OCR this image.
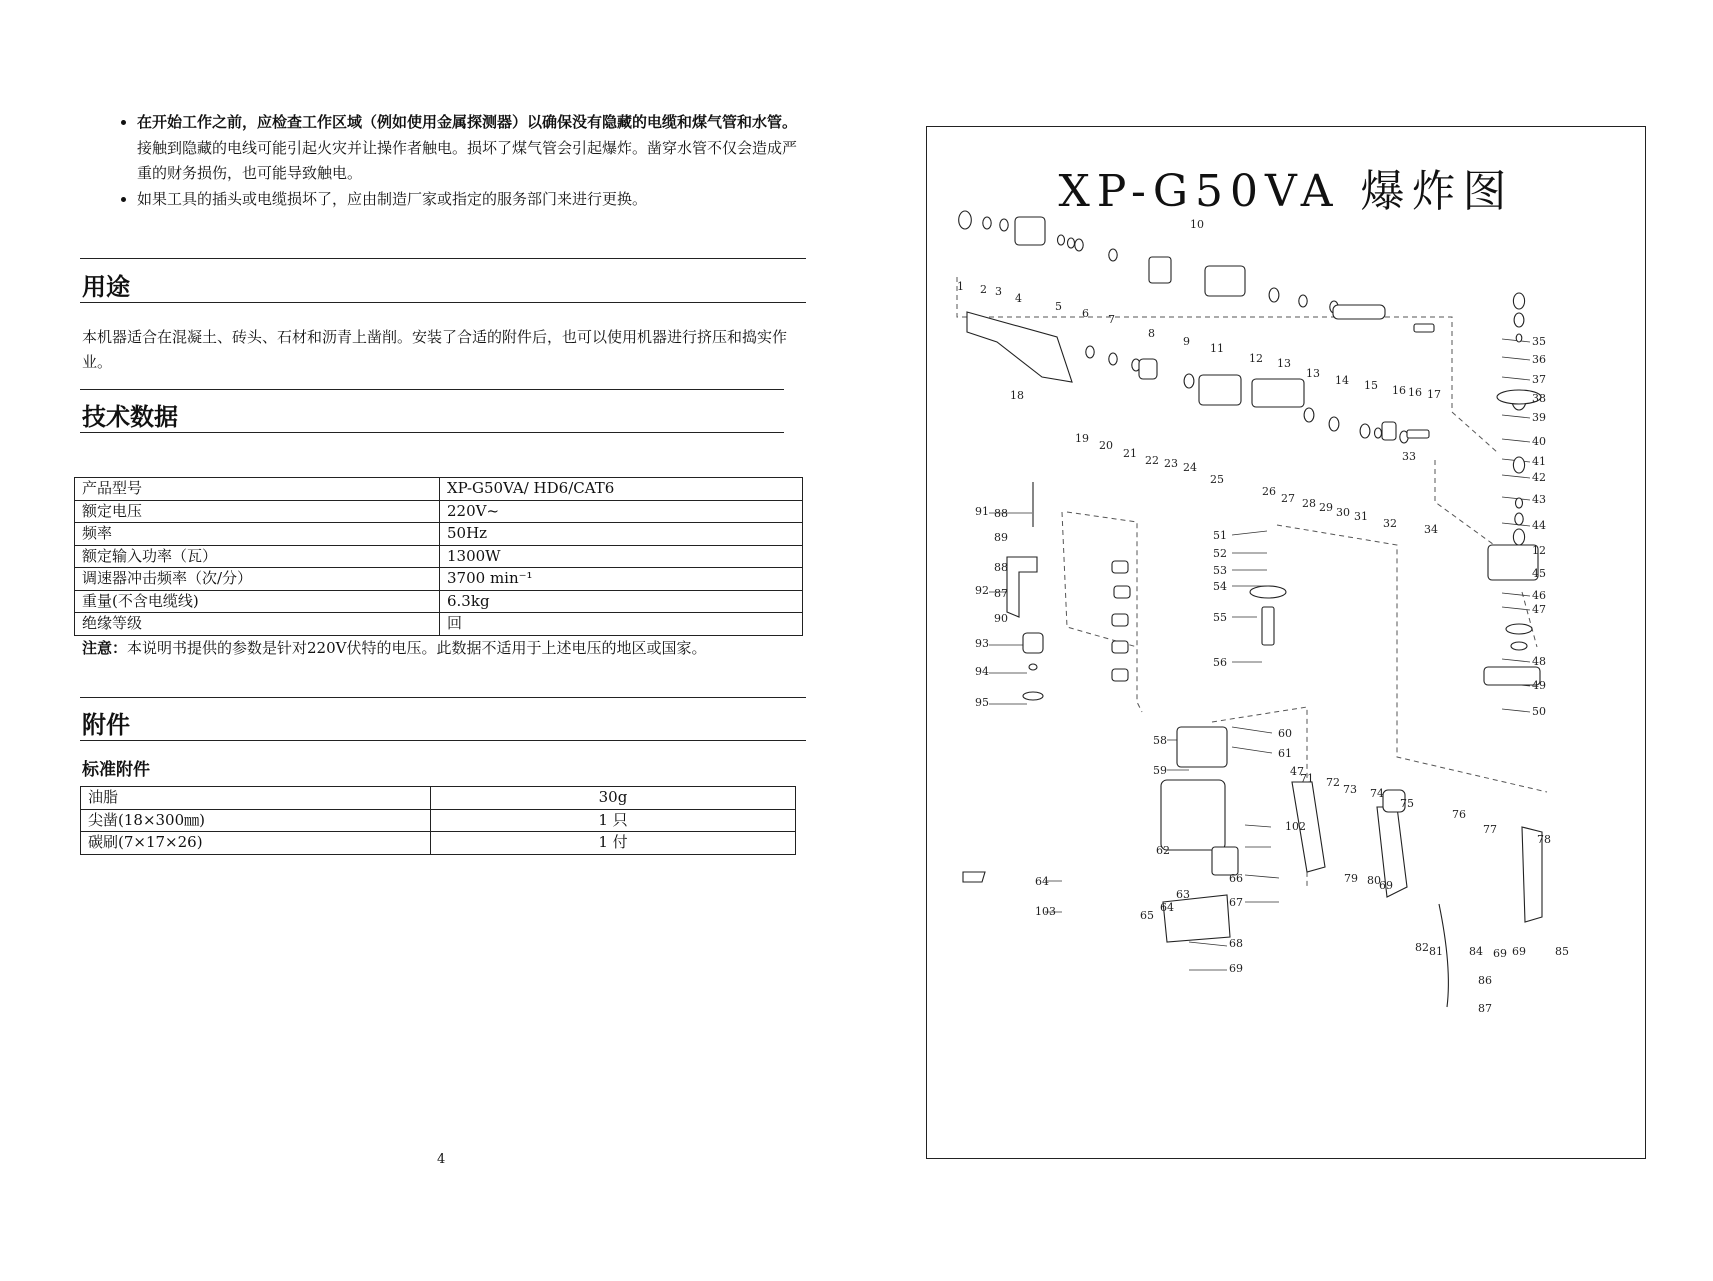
• 在开始工作之前，应检查工作区域（例如使用金属探测器）以确保没有隐藏的电缆和煤气管和水管。接触到隐藏的电线可能引起火灾并让操作者触电。损坏了煤气管会引起爆炸。凿穿水管不仅会造成严重的财务损伤，也可能导致触电。
• 如果工具的插头或电缆损坏了，应由制造厂家或指定的服务部门来进行更换。
用途

本机器适合在混凝土、砖头、石材和沥青上凿削。安装了合适的附件后，也可以使用机器进行挤压和捣实作业。

技术数据
产品型号	XP-G50VA/ HD6/CAT6
额定电压	220V~
频率	50Hz
额定输入功率（瓦）	1300W
调速器冲击频率（次/分）	3700 min⁻¹
重量(不含电缆线)	6.3kg
绝缘等级	回
注意：本说明书提供的参数是针对220V伏特的电压。此数据不适用于上述电压的地区或国家。
附件
标准附件
油脂	30g
尖凿(18×300㎜)	1 只
碳刷(7×17×26)	1 付
4
XP-G50VA 爆炸图
1 2 3
4
5
6 7
8
9
10
11
12 13
13
14 15 16 16 17
18
19
20
21
22 23 24
25
26
27 28 29 30 31
32
33
34
35
36
37
38
39
40
41
42
43
44
12
45
46
47
48
49
50
51
52
53
54
55
56
58
59
60
61
62
63
64
65
66
67
68
69
47
71 72
73 74
75
76
77
78
79 80
69
82 81 84 69 69	85
86
87
88
89
88
87
90
91
92
93
94
95
64
103
102
